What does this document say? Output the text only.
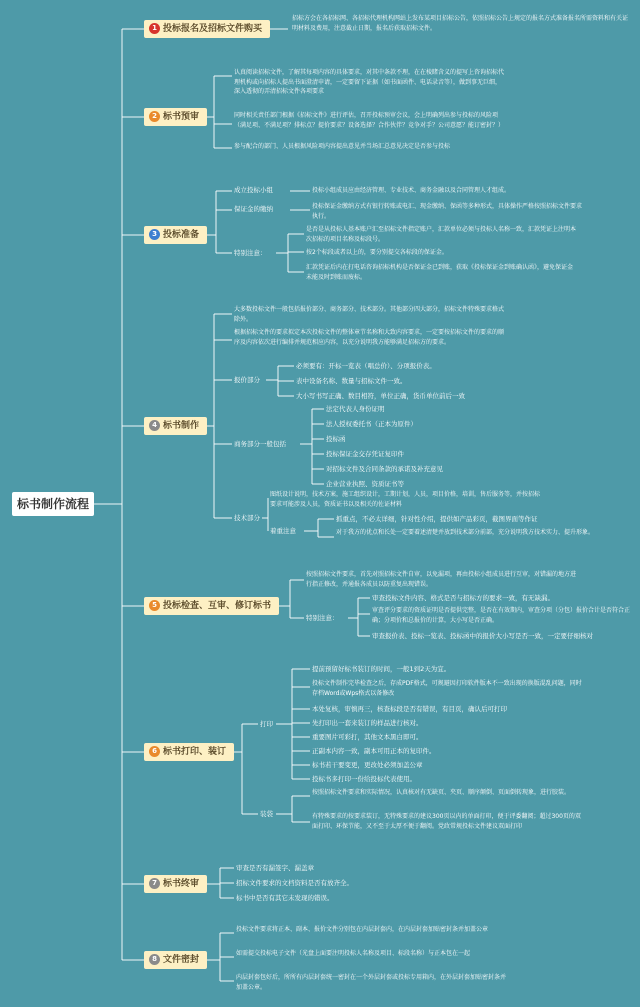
标书制作流程
1 投标报名及招标文件购买
招标方会在各招标网、各招标代理机构网站上发布某项目招标公告，依照招标公告上规定的报名方式准备报名所需资料和有关证明材料及费用，注意截止日期，报名后获取招标文件。
2 标书预审
认真阅读招标文件，了解其每项内容的具体要求，对其中条款不理，在在棱睹含义的提写上咨询招标代理机构或向招标人提出书面澄清申请，一定要留下证据（如书面函件、电话录音等），做到事无巨细，深入透彻的弄清招标文件各项要求
同时相关责任部门根据《招标文件》进行评估，召开投标预审会议，会上明确列出参与投标的风险项（满足项、不满足项？排标点？提价要求？设备选择？合作伙伴？竞争对手？公司意愿？能订密封？）
参与配合的部门、人员根据风险项内容提出意见并当场汇总意见决定是否参与投标
3 投标准备
成立投标小组	投标小组成员应由经济管理、专业技术、商务金融以及合同管理人才组成。
保证金的缴纳	投标保证金缴纳方式有银行转账或电汇、现金缴纳、保函等多种形式，具体操作严格按照招标文件要求执行。
特别注意：
是否是从投标人基本账户汇至招标文件指定账户，汇款单位必须与投标人名称一致，汇款凭证上注明本次招标的项目名称及标段号。
按2个标段或者以上的，要分别提交各标段的保证金。
汇款凭证后内在打电话咨询招标机构是否保证金已到账，获取《投标保证金到账确认函》，避免保证金未能及时到账而废标。
4 标书制作
大多数投标文件一般包括报价部分、商务部分、技术部分。其他部分四大部分，招标文件特殊要求格式除外。
根据招标文件的要求拟定本次投标文件的整体章节名称和大致内容要求，一定要按招标文件的要求的顺序及内容依次进行编排并规范相应内容，以充分说明我方能够满足招标方的要求。
报价部分
必须要有：开标一览表（唱总价）、分项报价表。
表中设备名称、数量与招标文件一致。
大小写书写正确、数目相符，单位正确，货币单位前后一致
商务部分一般包括
法定代表人身份证明
法人授权委托书（正本为原件）
投标函
投标保证金交存凭证复印件
对招标文件及合同条款的承诺及补充意见
企业营业执照、资质证书等
技术部分
图纸设计说明，技术方案，施工组织设计，工期计划，人员，项目价格，培训，售后服务等，并按招标要求可能涉及人员，资质证书以及相关的佐证材料
着重注意
抓重点，不必太详细，针对性介绍，提供如产品彩页，截图界面等作证
对于我方的优点和长处一定要着述清楚并放到技术部分前部，充分说明我方技术实力、提升形象。
5 投标检查、互审、修订标书
按照招标文件要求，首先对照招标文件自审，以免漏项，再由投标小组成员进行互审，对错漏的地方进行指正修改，并通报各成员以防重复出现错误。
特别注意：
审查投标文件内容、格式是否与招标方的要求一致，有无缺漏。
审查评分要求的资质证明是否提供完整，是否在有效期内，审查分项（分包）报价合计是否符合正确；分项价和总报价的计算，大小写是否正确。
审查报价表、投标一览表、投标函中的报价大小写是否一致，一定要仔细核对
6 标书打印、装订
打印
提前预留好标书装订的时间，一般1到2天为宜。
投标文件制作完毕检查之后，存成PDF格式，可规避因打印软件版本不一致出现的换版混乱问题，同时存档Word或Wps格式以备修改
本处复核，审慎再三，核查标段是否有错误，有目页，确认后可打印
先打印出一套来装订的样品进行核对。
重要图片可彩打，其他文本黑白即可。
正副本内容一致，副本可用正本的复印件。
标书若干要变更，更改处必须加盖公章
投标书多打印一份给投标代表使用。
装袋
按照招标文件要求和实际情况，认真核对有无缺页、夹页、顺序颠倒、页面倒转现象，进行胶装。
有特殊要求的按要求装订，无特殊要求的建议300页以内的单面打印，便于评委翻阅；超过300页的双面打印、环保节能，又不至于太厚不便于翻阅。党政常规投标文件建议双面打印
7 标书终审
审查是否有漏签字、漏盖章
招标文件要求的文档资料是否有放齐全。
标书中是否有其它未发现的错误。
8 文件密封
投标文件要求将正本、副本、报价文件分别包在内层封套内，在内层封套加贴密封条并加盖公章
如需提交投标电子文件（光盘上面要注明投标人名称及项目、标段名称）与正本包在一起
内层封套包好后，所所有内层封套统一密封在一个外层封套或投标专用箱内，在外层封套加贴密封条并加盖公章。
